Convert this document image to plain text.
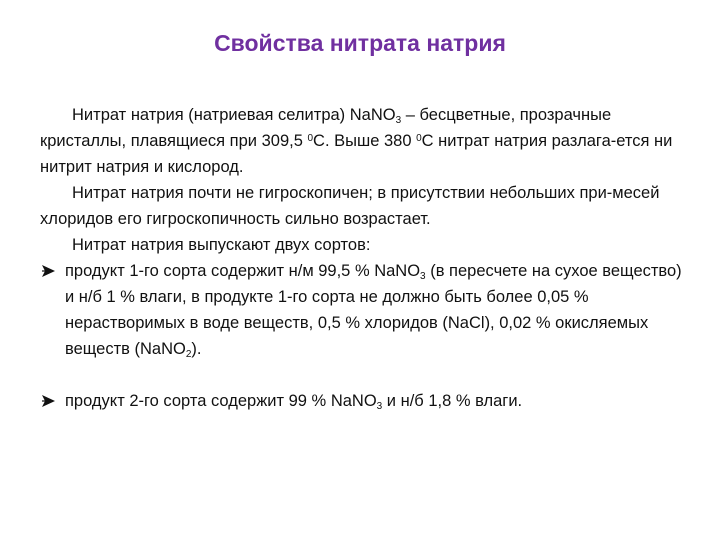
Свойства нитрата натрия

Нитрат натрия (натриевая селитра) NaNO$_3$ – бесцветные, прозрачные кристаллы, плавящиеся при 309,5 $^0$С. Выше 380 $^0$С нитрат натрия разлага-ется ни нитрит натрия и кислород.

Нитрат натрия почти не гигроскопичен; в присутствии небольших при-месей хлоридов его гигроскопичность сильно возрастает.

Нитрат натрия выпускают двух сортов:

продукт 1-го сорта содержит н/м 99,5 % NaNO$_3$ (в пересчете на сухое вещество) и н/б 1 % влаги, в продукте 1-го сорта не должно быть более 0,05 % нерастворимых в воде веществ, 0,5 % хлоридов (NaCl), 0,02 % окисляемых веществ (NaNO$_2$).
продукт 2-го сорта содержит 99 % NaNO$_3$ и н/б 1,8 % влаги.
